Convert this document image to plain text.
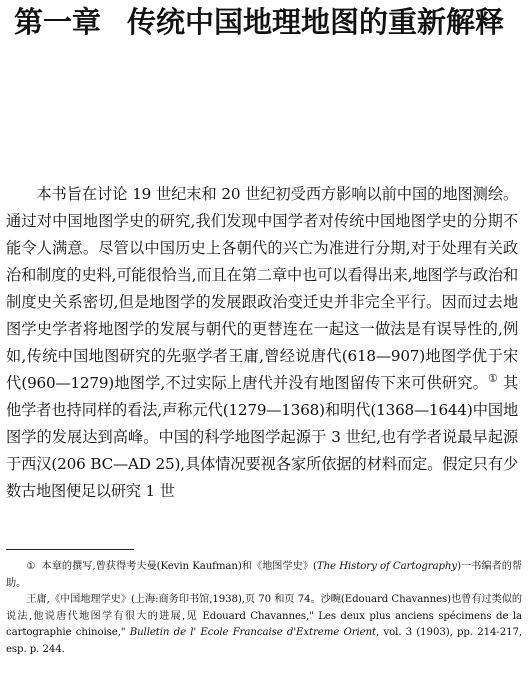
第一章 传统中国地理地图的重新解释

本书旨在讨论 19 世纪末和 20 世纪初受西方影响以前中国的地图测绘。通过对中国地图学史的研究,我们发现中国学者对传统中国地图学史的分期不能令人满意。尽管以中国历史上各朝代的兴亡为准进行分期,对于处理有关政治和制度的史料,可能很恰当,而且在第二章中也可以看得出来,地图学与政治和制度史关系密切,但是地图学的发展跟政治变迁史并非完全平行。因而过去地图学史学者将地图学的发展与朝代的更替连在一起这一做法是有误导性的,例如,传统中国地图研究的先驱学者王庸,曾经说唐代(618—907)地图学优于宋代(960—1279)地图学,不过实际上唐代并没有地图留传下来可供研究。① 其他学者也持同样的看法,声称元代(1279—1368)和明代(1368—1644)中国地图学的发展达到高峰。中国的科学地图学起源于 3 世纪,也有学者说最早起源于西汉(206 BC—AD 25),具体情况要视各家所依据的材料而定。假定只有少数古地图便足以研究 1 世

① 本章的撰写,曾获得考夫曼(Kevin Kaufman)和《地图学史》(The History of Cartography)一书编者的帮助。

王庸,《中国地理学史》(上海:商务印书馆,1938),页 70 和页 74。沙畹(Edouard Chavannes)也曾有过类似的说法,他说唐代地图学有很大的进展,见 Edouard Chavannes," Les deux plus anciens spécimens de la cartographie chinoise," Bulletin de l' Ecole Francaise d'Extreme Orient, vol. 3 (1903), pp. 214-217, esp. p. 244.
